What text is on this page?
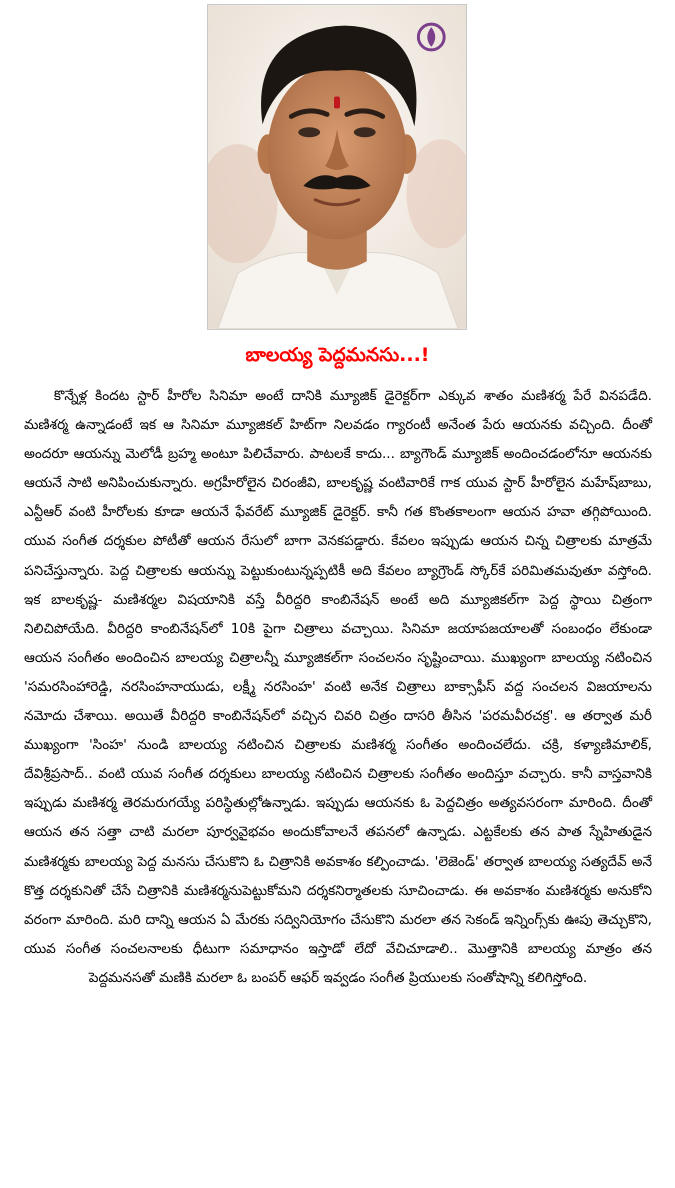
బాలయ్య పెద్దమనసు...!

కొన్నేళ్ల కిందట స్టార్ హీరోల సినిమా అంటే దానికి మ్యూజిక్ డైరెక్టర్‌గా ఎక్కువ శాతం మణిశర్మ పేరే వినపడేది. మణిశర్మ ఉన్నాడంటే ఇక ఆ సినిమా మ్యూజికల్ హిట్‌గా నిలవడం గ్యారంటీ అనేంత పేరు ఆయనకు వచ్చింది. దీంతో అందరూ ఆయన్ను మెలోడీ బ్రహ్మ అంటూ పిలిచేవారు. పాటలకే కాదు... బ్యాగౌండ్ మ్యూజిక్ అందించడంలోనూ ఆయనకు ఆయనే సాటి అనిపించుకున్నారు. అగ్రహీరోలైన చిరంజీవి, బాలకృష్ణ వంటివారికే గాక యువ స్టార్ హీరోలైన మహేష్‌బాబు, ఎన్టీఆర్ వంటి హీరోలకు కూడా ఆయనే ఫేవరేట్ మ్యూజిక్ డైరెక్టర్. కానీ గత కొంతకాలంగా ఆయన హవా తగ్గిపోయింది. యువ సంగీత దర్శకుల పోటీతో ఆయన రేసులో బాగా వెనకపడ్డారు. కేవలం ఇప్పుడు ఆయన చిన్న చిత్రాలకు మాత్రమే పనిచేస్తున్నారు. పెద్ద చిత్రాలకు ఆయన్ను పెట్టుకుంటున్నప్పటికీ అది కేవలం బ్యాగ్రౌండ్ స్కోర్‌కే పరిమితమవుతూ వస్తోంది. ఇక బాలకృష్ణ- మణిశర్మల విషయానికి వస్తే వీరిద్దరి కాంబినేషన్ అంటే అది మ్యూజికల్‌గా పెద్ద స్థాయి చిత్రంగా నిలిచిపోయేది. వీరిద్దరి కాంబినేషన్‌లో 10కి పైగా చిత్రాలు వచ్చాయి. సినిమా జయాపజయాలతో సంబంధం లేకుండా ఆయన సంగీతం అందించిన బాలయ్య చిత్రాలన్నీ మ్యూజికల్‌గా సంచలనం సృష్టించాయి. ముఖ్యంగా బాలయ్య నటించిన 'సమరసింహారెడ్డి, నరసింహనాయుడు, లక్ష్మీ నరసింహ' వంటి అనేక చిత్రాలు బాక్సాఫీస్ వద్ద సంచలన విజయాలను నమోదు చేశాయి. అయితే వీరిద్దరి కాంబినేషన్‌లో వచ్చిన చివరి చిత్రం దాసరి తీసిన 'పరమవీరచక్ర'. ఆ తర్వాత మరీ ముఖ్యంగా 'సింహ' నుండి బాలయ్య నటించిన చిత్రాలకు మణిశర్మ సంగీతం అందించలేదు. చక్రి, కళ్యాణిమాలిక్, దేవిశ్రీప్రసాద్.. వంటి యువ సంగీత దర్శకులు బాలయ్య నటించిన చిత్రాలకు సంగీతం అందిస్తూ వచ్చారు. కానీ వాస్తవానికి ఇప్పుడు మణిశర్మ తెరమరుగయ్యే పరిస్థితుల్లోఉన్నాడు. ఇప్పుడు ఆయనకు ఓ పెద్దచిత్రం అత్యవసరంగా మారింది. దీంతో ఆయన తన సత్తా చాటి మరలా పూర్వవైభవం అందుకోవాలనే తపనలో ఉన్నాడు. ఎట్టకేలకు తన పాత స్నేహితుడైన మణిశర్మకు బాలయ్య పెద్ద మనసు చేసుకొని ఓ చిత్రానికి అవకాశం కల్పించాడు. 'లెజెండ్' తర్వాత బాలయ్య సత్యదేవ్ అనే కొత్త దర్శకునితో చేసే చిత్రానికి మణిశర్మనుపెట్టుకోమని దర్శకనిర్మాతలకు సూచించాడు. ఈ అవకాశం మణిశర్మకు అనుకోని వరంగా మారింది. మరి దాన్ని ఆయన ఏ మేరకు సద్వినియోగం చేసుకొని మరలా తన సెకండ్ ఇన్నింగ్స్‌కు ఊపు తెచ్చుకొని, యువ సంగీత సంచలనాలకు ధీటుగా సమాధానం ఇస్తాడో లేదో వేచిచూడాలి.. మొత్తానికి బాలయ్య మాత్రం తన పెద్దమనసతో మణికి మరలా ఓ బంపర్ ఆఫర్ ఇవ్వడం సంగీత ప్రియులకు సంతోషాన్ని కలిగిస్తోంది.
